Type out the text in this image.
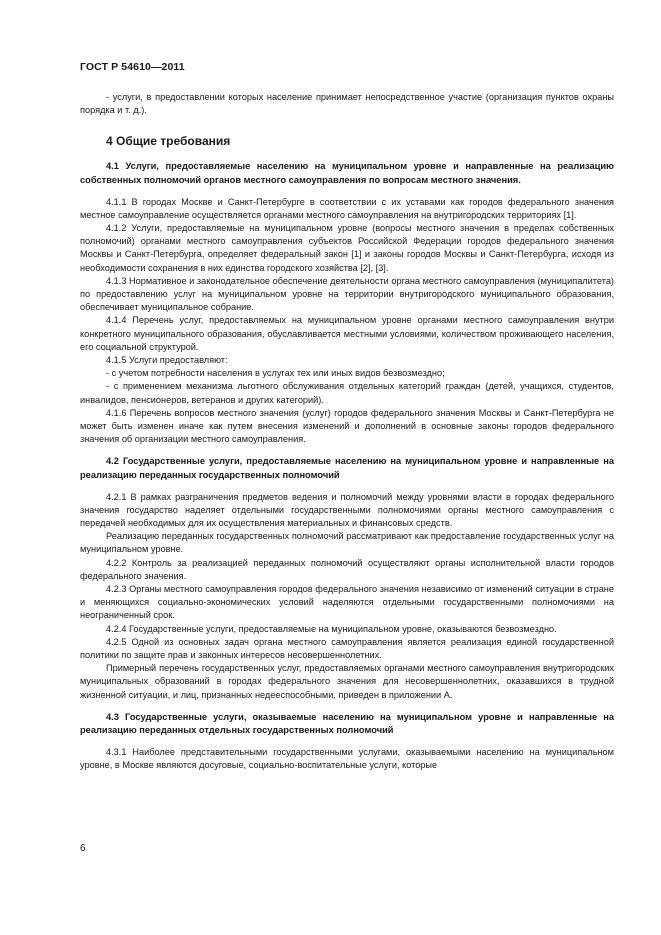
ГОСТ Р 54610—2011

- услуги, в предоставлении которых население принимает непосредственное участие (организация пунктов охраны порядка и т. д.).

4 Общие требования

4.1 Услуги, предоставляемые населению на муниципальном уровне и направленные на реализацию собственных полномочий органов местного самоуправления по вопросам местного значения.

4.1.1 В городах Москве и Санкт-Петербурге в соответствии с их уставами как городов федерального значения местное самоуправление осуществляется органами местного самоуправления на внутригородских территориях [1].

4.1.2 Услуги, предоставляемые на муниципальном уровне (вопросы местного значения в пределах собственных полномочий) органами местного самоуправления субъектов Российской Федерации городов федерального значения Москвы и Санкт-Петербурга, определяет федеральный закон [1] и законы городов Москвы и Санкт-Петербурга, исходя из необходимости сохранения в них единства городского хозяйства [2], [3].

4.1.3 Нормативное и законодательное обеспечение деятельности органа местного самоуправления (муниципалитета) по предоставлению услуг на муниципальном уровне на территории внутригородского муниципального образования, обеспечивает муниципальное собрание.

4.1.4 Перечень услуг, предоставляемых на муниципальном уровне органами местного самоуправления внутри конкретного муниципального образования, обуславливается местными условиями, количеством проживающего населения, его социальной структурой.

4.1.5 Услуги предоставляют:

- с учетом потребности населения в услугах тех или иных видов безвозмездно;

- с применением механизма льготного обслуживания отдельных категорий граждан (детей, учащихся, студентов, инвалидов, пенсионеров, ветеранов и других категорий).

4.1.6 Перечень вопросов местного значения (услуг) городов федерального значения Москвы и Санкт-Петербурга не может быть изменен иначе как путем внесения изменений и дополнений в основные законы городов федерального значения об организации местного самоуправления.

4.2 Государственные услуги, предоставляемые населению на муниципальном уровне и направленные на реализацию переданных государственных полномочий

4.2.1 В рамках разграничения предметов ведения и полномочий между уровнями власти в городах федерального значения государство наделяет отдельными государственными полномочиями органы местного самоуправления с передачей необходимых для их осуществления материальных и финансовых средств.

Реализацию переданных государственных полномочий рассматривают как предоставление государственных услуг на муниципальном уровне.

4.2.2 Контроль за реализацией переданных полномочий осуществляют органы исполнительной власти городов федерального значения.

4.2.3 Органы местного самоуправления городов федерального значения независимо от изменений ситуации в стране и меняющихся социально-экономических условий наделяются отдельными государственными полномочиями на неограниченный срок.

4.2.4 Государственные услуги, предоставляемые на муниципальном уровне, оказываются безвозмездно.

4.2.5 Одной из основных задач органа местного самоуправления является реализация единой государственной политики по защите прав и законных интересов несовершеннолетних.

Примерный перечень государственных услуг, предоставляемых органами местного самоуправления внутригородских муниципальных образований в городах федерального значения для несовершеннолетних, оказавшихся в трудной жизненной ситуации, и лиц, признанных недееспособными, приведен в приложении А.

4.3 Государственные услуги, оказываемые населению на муниципальном уровне и направленные на реализацию переданных отдельных государственных полномочий

4.3.1 Наиболее представительными государственными услугами, оказываемыми населению на муниципальном уровне, в Москве являются досуговые, социально-воспитательные услуги, которые

6
